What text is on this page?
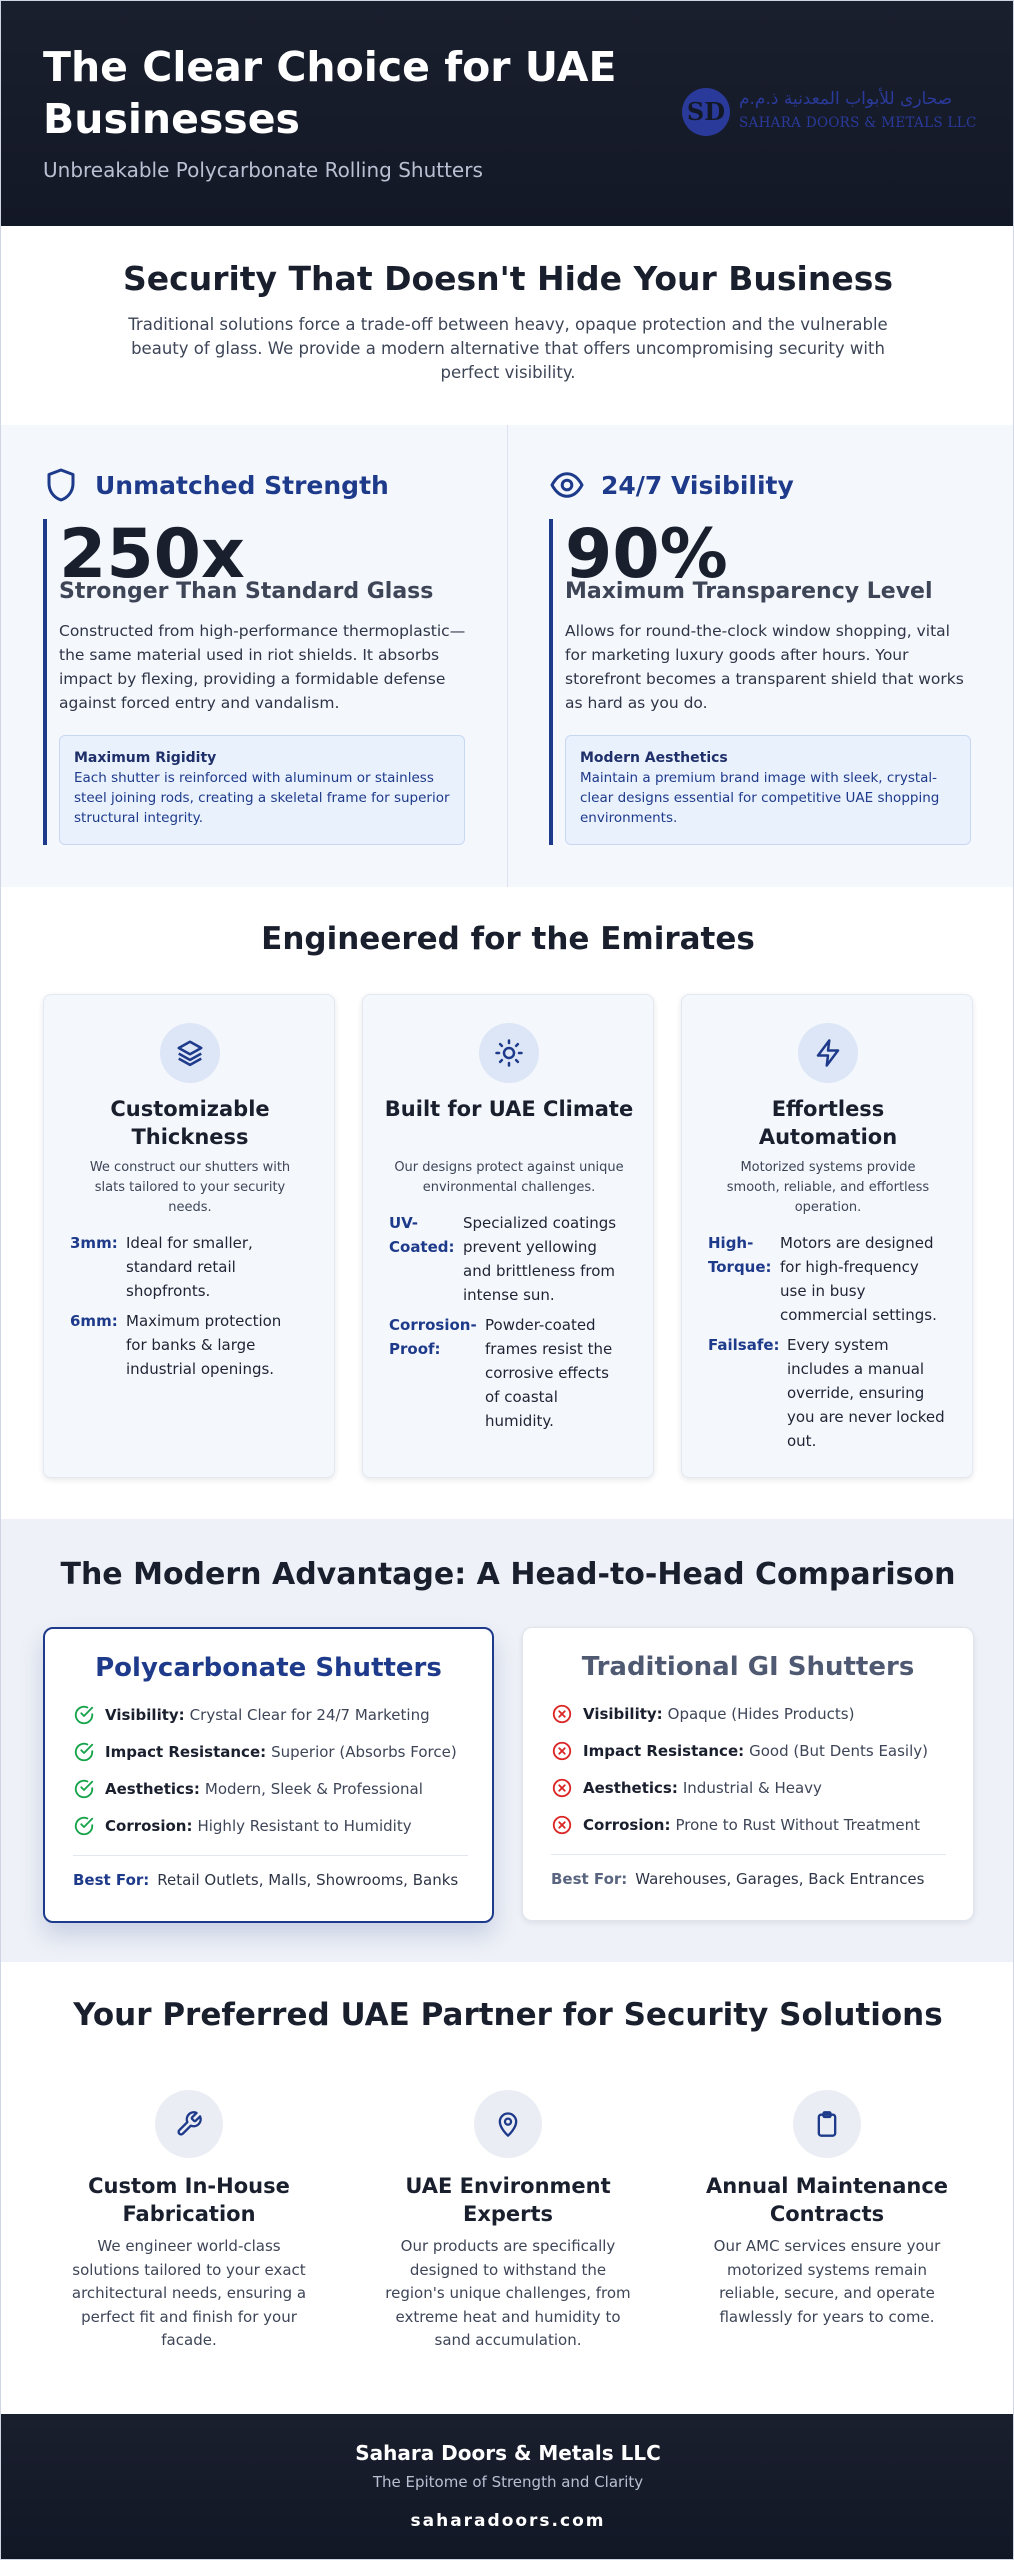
The Clear Choice for UAE Businesses
Unbreakable Polycarbonate Rolling Shutters
SD صحارى للأبواب المعدنية ذ.م.م
SAHARA DOORS & METALS LLC
Security That Doesn't Hide Your Business
Traditional solutions force a trade-off between heavy, opaque protection and the vulnerable beauty of glass. We provide a modern alternative that offers uncompromising security with perfect visibility.
Unmatched Strength
250x
Stronger Than Standard Glass
Constructed from high-performance thermoplastic—the same material used in riot shields. It absorbs impact by flexing, providing a formidable defense against forced entry and vandalism.
Maximum Rigidity
Each shutter is reinforced with aluminum or stainless steel joining rods, creating a skeletal frame for superior structural integrity.
24/7 Visibility
90%
Maximum Transparency Level
Allows for round-the-clock window shopping, vital for marketing luxury goods after hours. Your storefront becomes a transparent shield that works as hard as you do.
Modern Aesthetics
Maintain a premium brand image with sleek, crystal-clear designs essential for competitive UAE shopping environments.
Engineered for the Emirates
Customizable Thickness
We construct our shutters with slats tailored to your security needs.
3mm: Ideal for smaller, standard retail shopfronts.
6mm: Maximum protection for banks & large industrial openings.
Built for UAE Climate
Our designs protect against unique environmental challenges.
UV-Coated:
Specialized coatings prevent yellowing and brittleness from intense sun.
Corrosion-Proof:
Powder-coated frames resist the corrosive effects of coastal humidity.
Effortless Automation
Motorized systems provide smooth, reliable, and effortless operation.
High-Torque:
Motors are designed for high-frequency use in busy commercial settings.
Failsafe: Every system includes a manual override, ensuring you are never locked out.
The Modern Advantage: A Head-to-Head Comparison
Polycarbonate Shutters
Visibility: Crystal Clear for 24/7 Marketing
Impact Resistance: Superior (Absorbs Force)
Aesthetics: Modern, Sleek & Professional
Corrosion: Highly Resistant to Humidity
Best For: Retail Outlets, Malls, Showrooms, Banks
Traditional GI Shutters
Visibility: Opaque (Hides Products)
Impact Resistance: Good (But Dents Easily)
Aesthetics: Industrial & Heavy
Corrosion: Prone to Rust Without Treatment
Best For: Warehouses, Garages, Back Entrances
Your Preferred UAE Partner for Security Solutions
Custom In-House Fabrication
We engineer world-class solutions tailored to your exact architectural needs, ensuring a perfect fit and finish for your facade.
UAE Environment Experts
Our products are specifically designed to withstand the region's unique challenges, from extreme heat and humidity to sand accumulation.
Annual Maintenance Contracts
Our AMC services ensure your motorized systems remain reliable, secure, and operate flawlessly for years to come.
Sahara Doors & Metals LLC
The Epitome of Strength and Clarity
saharadoors.com
